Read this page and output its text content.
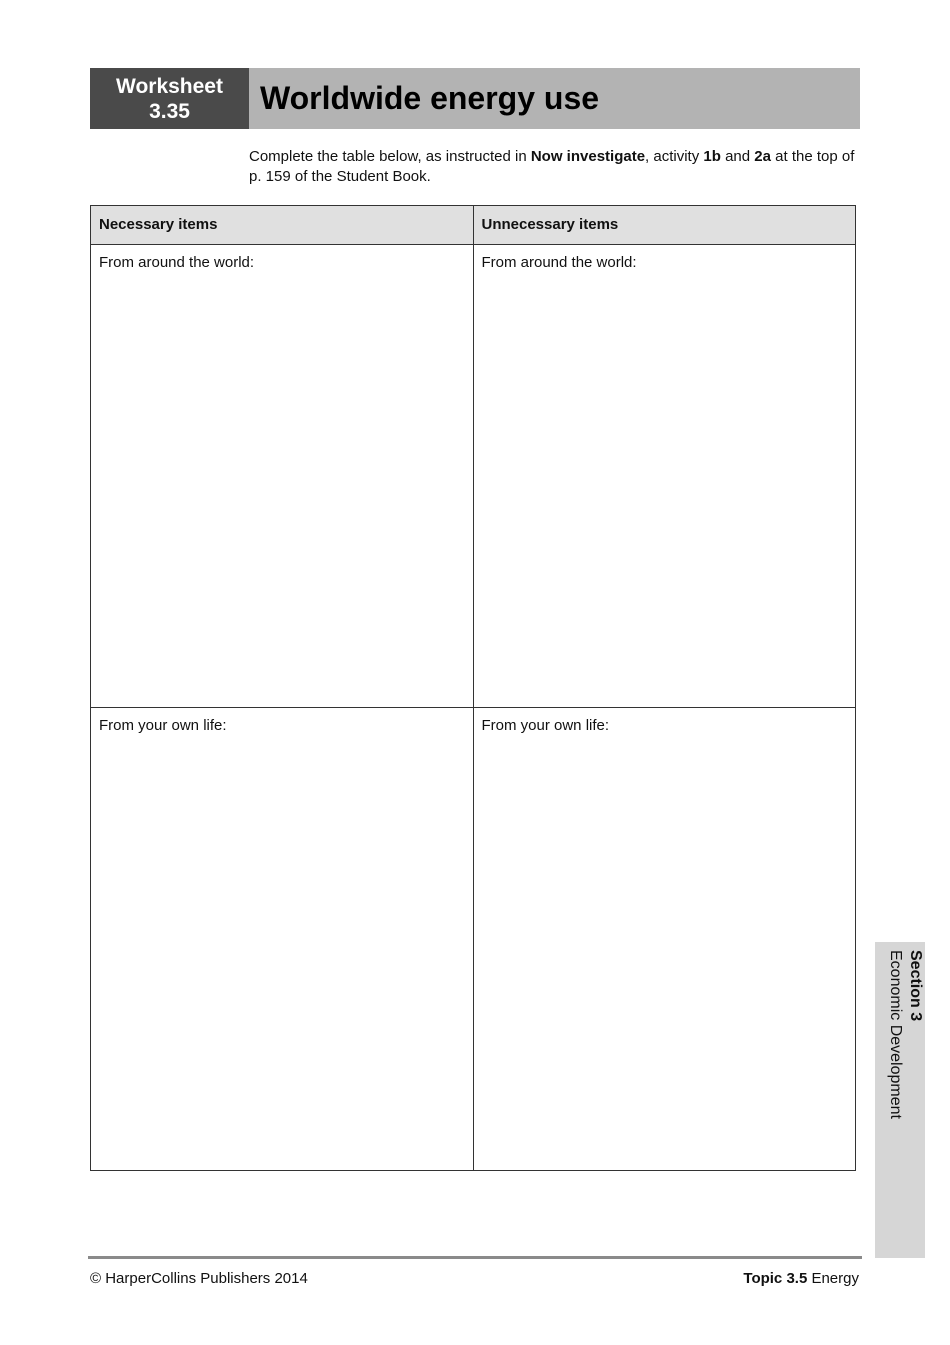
Worksheet
3.35	Worldwide energy use
Complete the table below, as instructed in Now investigate, activity 1b and 2a at the top of p. 159 of the Student Book.
Necessary items	Unnecessary items
From around the world:	From around the world:
From your own life:	From your own life:
Section 3
Economic Development
© HarperCollins Publishers 2014	Topic 3.5 Energy
